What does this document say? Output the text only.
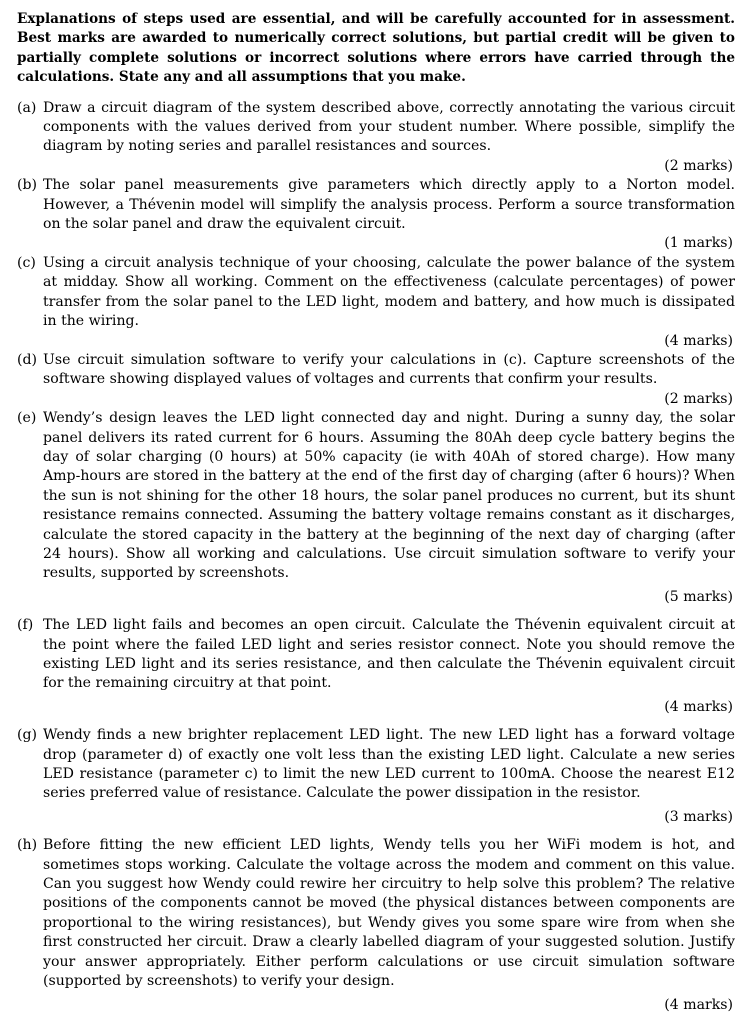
Explanations of steps used are essential, and will be carefully accounted for in assessment. Best marks are awarded to numerically correct solutions, but partial credit will be given to partially complete solutions or incorrect solutions where errors have carried through the calculations. State any and all assumptions that you make.

(a) Draw a circuit diagram of the system described above, correctly annotating the various circuit components with the values derived from your student number. Where possible, simplify the diagram by noting series and parallel resistances and sources.
(2 marks)
(b) The solar panel measurements give parameters which directly apply to a Norton model. However, a Thévenin model will simplify the analysis process. Perform a source transformation on the solar panel and draw the equivalent circuit.
(1 marks)
(c) Using a circuit analysis technique of your choosing, calculate the power balance of the system at midday. Show all working. Comment on the effectiveness (calculate percentages) of power transfer from the solar panel to the LED light, modem and battery, and how much is dissipated in the wiring.
(4 marks)
(d) Use circuit simulation software to verify your calculations in (c). Capture screenshots of the software showing displayed values of voltages and currents that confirm your results.
(2 marks)
(e) Wendy’s design leaves the LED light connected day and night. During a sunny day, the solar panel delivers its rated current for 6 hours. Assuming the 80Ah deep cycle battery begins the day of solar charging (0 hours) at 50% capacity (ie with 40Ah of stored charge). How many Amp-hours are stored in the battery at the end of the first day of charging (after 6 hours)? When the sun is not shining for the other 18 hours, the solar panel produces no current, but its shunt resistance remains connected. Assuming the battery voltage remains constant as it discharges, calculate the stored capacity in the battery at the beginning of the next day of charging (after 24 hours). Show all working and calculations. Use circuit simulation software to verify your results, supported by screenshots.
(5 marks)
(f) The LED light fails and becomes an open circuit. Calculate the Thévenin equivalent circuit at the point where the failed LED light and series resistor connect. Note you should remove the existing LED light and its series resistance, and then calculate the Thévenin equivalent circuit for the remaining circuitry at that point.
(4 marks)
(g) Wendy finds a new brighter replacement LED light. The new LED light has a forward voltage drop (parameter d) of exactly one volt less than the existing LED light. Calculate a new series LED resistance (parameter c) to limit the new LED current to 100mA. Choose the nearest E12 series preferred value of resistance. Calculate the power dissipation in the resistor.
(3 marks)
(h) Before fitting the new efficient LED lights, Wendy tells you her WiFi modem is hot, and sometimes stops working. Calculate the voltage across the modem and comment on this value. Can you suggest how Wendy could rewire her circuitry to help solve this problem? The relative positions of the components cannot be moved (the physical distances between components are proportional to the wiring resistances), but Wendy gives you some spare wire from when she first constructed her circuit. Draw a clearly labelled diagram of your suggested solution. Justify your answer appropriately. Either perform calculations or use circuit simulation software (supported by screenshots) to verify your design.
(4 marks)
